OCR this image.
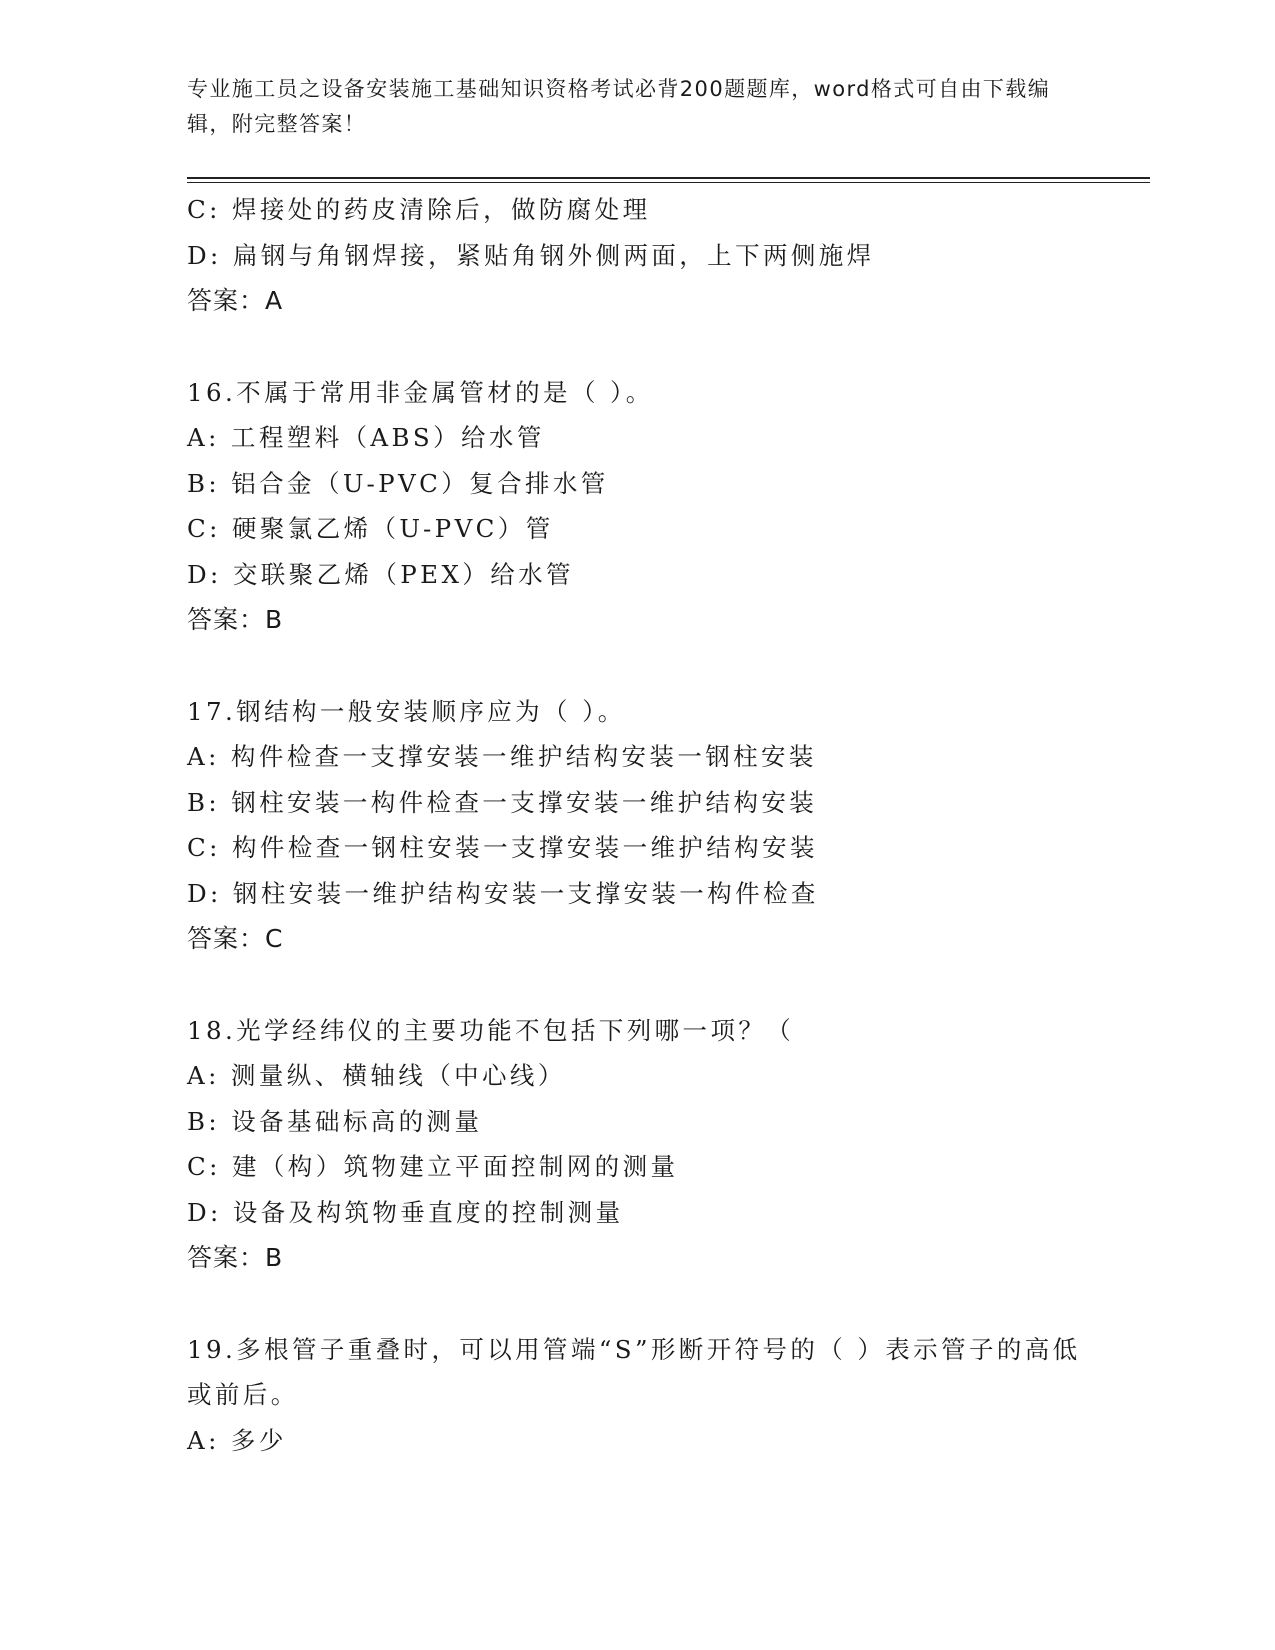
专业施工员之设备安装施工基础知识资格考试必背200题题库，word格式可自由下载编辑，附完整答案！
C: 焊接处的药皮清除后，做防腐处理
D: 扁钢与角钢焊接，紧贴角钢外侧两面，上下两侧施焊
答案：A
16.不属于常用非金属管材的是（ ）。
A: 工程塑料（ABS）给水管
B: 铝合金（U-PVC）复合排水管
C: 硬聚氯乙烯（U-PVC）管
D: 交联聚乙烯（PEX）给水管
答案：B
17.钢结构一般安装顺序应为（ ）。
A: 构件检查一支撑安装一维护结构安装一钢柱安装
B: 钢柱安装一构件检查一支撑安装一维护结构安装
C: 构件检查一钢柱安装一支撑安装一维护结构安装
D: 钢柱安装一维护结构安装一支撑安装一构件检查
答案：C
18.光学经纬仪的主要功能不包括下列哪一项？（
A: 测量纵、横轴线（中心线）
B: 设备基础标高的测量
C: 建（构）筑物建立平面控制网的测量
D: 设备及构筑物垂直度的控制测量
答案：B
19.多根管子重叠时，可以用管端“S”形断开符号的（ ）表示管子的高低或前后。
A: 多少
